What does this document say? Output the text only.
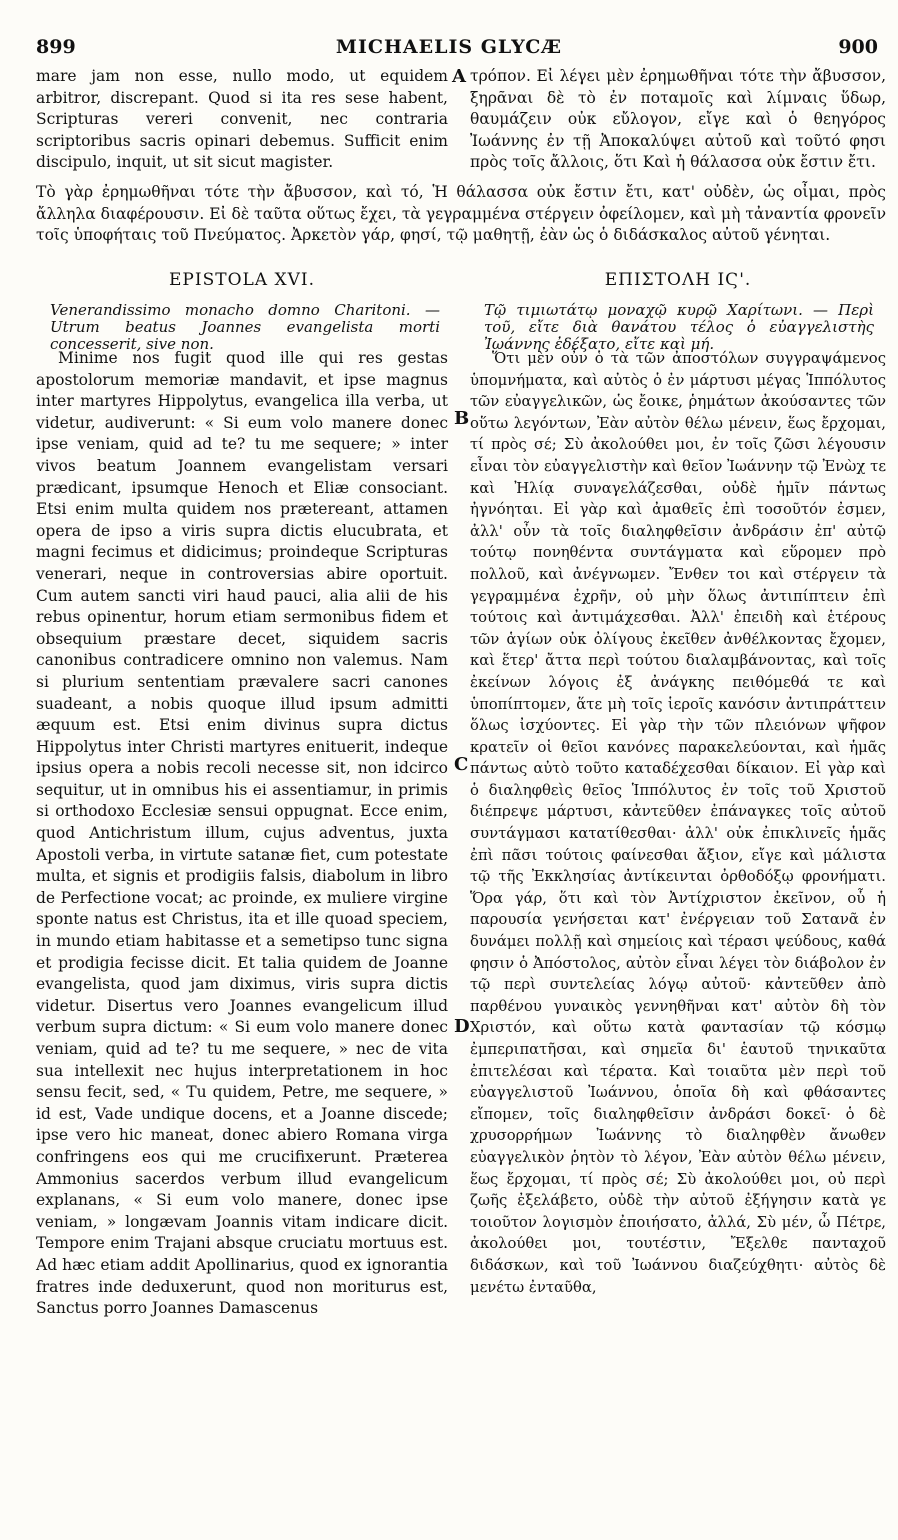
899	MICHAELIS GLYCÆ	900
mare jam non esse, nullo modo, ut equidem arbitror, discrepant. Quod si ita res sese habent, Scripturas vereri convenit, nec contraria scriptoribus sacris opinari debemus. Sufficit enim discipulo, inquit, ut sit sicut magister.
τρόπον. Εἰ λέγει μὲν ἐρημωθῆναι τότε τὴν ἄβυσσον, ξηρᾶναι δὲ τὸ ἐν ποταμοῖς καὶ λίμναις ὕδωρ, θαυμάζειν οὐκ εὔλογον, εἴγε καὶ ὁ θεηγόρος Ἰωάννης ἐν τῇ Ἀποκαλύψει αὐτοῦ καὶ τοῦτό φησι πρὸς τοῖς ἄλλοις, ὅτι Καὶ ἡ θάλασσα οὐκ ἔστιν ἔτι.
A
Τὸ γὰρ ἐρημωθῆναι τότε τὴν ἄβυσσον, καὶ τό, Ἡ θάλασσα οὐκ ἔστιν ἔτι, κατ' οὐδὲν, ὡς οἶμαι, πρὸς ἄλληλα διαφέρουσιν. Εἰ δὲ ταῦτα οὕτως ἔχει, τὰ γεγραμμένα στέργειν ὀφείλομεν, καὶ μὴ τἀναντία φρονεῖν τοῖς ὑποφήταις τοῦ Πνεύματος. Ἀρκετὸν γάρ, φησί, τῷ μαθητῇ, ἐὰν ὡς ὁ διδάσκαλος αὐτοῦ γένηται.
EPISTOLA XVI.	ΕΠΙΣΤΟΛΗ ΙϚ'.
Venerandissimo monacho domno Charitoni. — Utrum beatus Joannes evangelista morti concesserit, sive non.
Τῷ τιμιωτάτῳ μοναχῷ κυρῷ Χαρίτωνι. — Περὶ τοῦ, εἴτε διὰ θανάτου τέλος ὁ εὐαγγελιστὴς Ἰωάννης ἐδέξατο, εἴτε καὶ μή.
B
C
D
Minime nos fugit quod ille qui res gestas apostolorum memoriæ mandavit, et ipse magnus inter martyres Hippolytus, evangelica illa verba, ut videtur, audiverunt: « Si eum volo manere donec ipse veniam, quid ad te? tu me sequere; » inter vivos beatum Joannem evangelistam versari prædicant, ipsumque Henoch et Eliæ consociant. Etsi enim multa quidem nos prætereant, attamen opera de ipso a viris supra dictis elucubrata, et magni fecimus et didicimus; proindeque Scripturas venerari, neque in controversias abire oportuit. Cum autem sancti viri haud pauci, alia alii de his rebus opinentur, horum etiam sermonibus fidem et obsequium præstare decet, siquidem sacris canonibus contradicere omnino non valemus. Nam si plurium sententiam prævalere sacri canones suadeant, a nobis quoque illud ipsum admitti æquum est. Etsi enim divinus supra dictus Hippolytus inter Christi martyres enituerit, indeque ipsius opera a nobis recoli necesse sit, non idcirco sequitur, ut in omnibus his ei assentiamur, in primis si orthodoxo Ecclesiæ sensui oppugnat. Ecce enim, quod Antichristum illum, cujus adventus, juxta Apostoli verba, in virtute satanæ fiet, cum potestate multa, et signis et prodigiis falsis, diabolum in libro de Perfectione vocat; ac proinde, ex muliere virgine sponte natus est Christus, ita et ille quoad speciem, in mundo etiam habitasse et a semetipso tunc signa et prodigia fecisse dicit. Et talia quidem de Joanne evangelista, quod jam diximus, viris supra dictis videtur. Disertus vero Joannes evangelicum illud verbum supra dictum: « Si eum volo manere donec veniam, quid ad te? tu me sequere, » nec de vita sua intellexit nec hujus interpretationem in hoc sensu fecit, sed, « Tu quidem, Petre, me sequere, » id est, Vade undique docens, et a Joanne discede; ipse vero hic maneat, donec abiero Romana virga confringens eos qui me crucifixerunt. Præterea Ammonius sacerdos verbum illud evangelicum explanans, « Si eum volo manere, donec ipse veniam, » longævam Joannis vitam indicare dicit. Tempore enim Trajani absque cruciatu mortuus est. Ad hæc etiam addit Apollinarius, quod ex ignorantia fratres inde deduxerunt, quod non moriturus est, Sanctus porro Joannes Damascenus
Ὅτι μὲν οὖν ὁ τὰ τῶν ἀποστόλων συγγραψάμενος ὑπομνήματα, καὶ αὐτὸς ὁ ἐν μάρτυσι μέγας Ἱππόλυτος τῶν εὐαγγελικῶν, ὡς ἔοικε, ῥημάτων ἀκούσαντες τῶν οὕτω λεγόντων, Ἐὰν αὐτὸν θέλω μένειν, ἕως ἔρχομαι, τί πρὸς σέ; Σὺ ἀκολούθει μοι, ἐν τοῖς ζῶσι λέγουσιν εἶναι τὸν εὐαγγελιστὴν καὶ θεῖον Ἰωάννην τῷ Ἐνὼχ τε καὶ Ἠλίᾳ συναγελάζεσθαι, οὐδὲ ἡμῖν πάντως ἠγνόηται. Εἰ γὰρ καὶ ἀμαθεῖς ἐπὶ τοσοῦτόν ἐσμεν, ἀλλ' οὖν τὰ τοῖς διαληφθεῖσιν ἀνδράσιν ἐπ' αὐτῷ τούτῳ πονηθέντα συντάγματα καὶ εὕρομεν πρὸ πολλοῦ, καὶ ἀνέγνωμεν. Ἔνθεν τοι καὶ στέργειν τὰ γεγραμμένα ἐχρῆν, οὐ μὴν ὅλως ἀντιπίπτειν ἐπὶ τούτοις καὶ ἀντιμάχεσθαι. Ἀλλ' ἐπειδὴ καὶ ἑτέρους τῶν ἁγίων οὐκ ὀλίγους ἐκεῖθεν ἀνθέλκοντας ἔχομεν, καὶ ἕτερ' ἄττα περὶ τούτου διαλαμβάνοντας, καὶ τοῖς ἐκείνων λόγοις ἐξ ἀνάγκης πειθόμεθά τε καὶ ὑποπίπτομεν, ἅτε μὴ τοῖς ἱεροῖς κανόσιν ἀντιπράττειν ὅλως ἰσχύοντες. Εἰ γὰρ τὴν τῶν πλειόνων ψῆφον κρατεῖν οἱ θεῖοι κανόνες παρακελεύονται, καὶ ἡμᾶς πάντως αὐτὸ τοῦτο καταδέχεσθαι δίκαιον. Εἰ γὰρ καὶ ὁ διαληφθεὶς θεῖος Ἱππόλυτος ἐν τοῖς τοῦ Χριστοῦ διέπρεψε μάρτυσι, κἀντεῦθεν ἐπάναγκες τοῖς αὐτοῦ συντάγμασι κατατίθεσθαι· ἀλλ' οὐκ ἐπικλινεῖς ἡμᾶς ἐπὶ πᾶσι τούτοις φαίνεσθαι ἄξιον, εἴγε καὶ μάλιστα τῷ τῆς Ἐκκλησίας ἀντίκεινται ὀρθοδόξῳ φρονήματι. Ὅρα γάρ, ὅτι καὶ τὸν Ἀντίχριστον ἐκεῖνον, οὗ ἡ παρουσία γενήσεται κατ' ἐνέργειαν τοῦ Σατανᾶ ἐν δυνάμει πολλῇ καὶ σημείοις καὶ τέρασι ψεύδους, καθά φησιν ὁ Ἀπόστολος, αὐτὸν εἶναι λέγει τὸν διάβολον ἐν τῷ περὶ συντελείας λόγῳ αὐτοῦ· κἀντεῦθεν ἀπὸ παρθένου γυναικὸς γεννηθῆναι κατ' αὐτὸν δὴ τὸν Χριστόν, καὶ οὕτω κατὰ φαντασίαν τῷ κόσμῳ ἐμπεριπατῆσαι, καὶ σημεῖα δι' ἑαυτοῦ τηνικαῦτα ἐπιτελέσαι καὶ τέρατα. Καὶ τοιαῦτα μὲν περὶ τοῦ εὐαγγελιστοῦ Ἰωάννου, ὁποῖα δὴ καὶ φθάσαντες εἴπομεν, τοῖς διαληφθεῖσιν ἀνδράσι δοκεῖ· ὁ δὲ χρυσορρήμων Ἰωάννης τὸ διαληφθὲν ἄνωθεν εὐαγγελικὸν ῥητὸν τὸ λέγον, Ἐὰν αὐτὸν θέλω μένειν, ἕως ἔρχομαι, τί πρὸς σέ; Σὺ ἀκολούθει μοι, οὐ περὶ ζωῆς ἐξελάβετο, οὐδὲ τὴν αὐτοῦ ἐξήγησιν κατὰ γε τοιοῦτον λογισμὸν ἐποιήσατο, ἀλλά, Σὺ μέν, ὦ Πέτρε, ἀκολούθει μοι, τουτέστιν, Ἔξελθε πανταχοῦ διδάσκων, καὶ τοῦ Ἰωάννου διαζεύχθητι· αὐτὸς δὲ μενέτω ἐνταῦθα,
